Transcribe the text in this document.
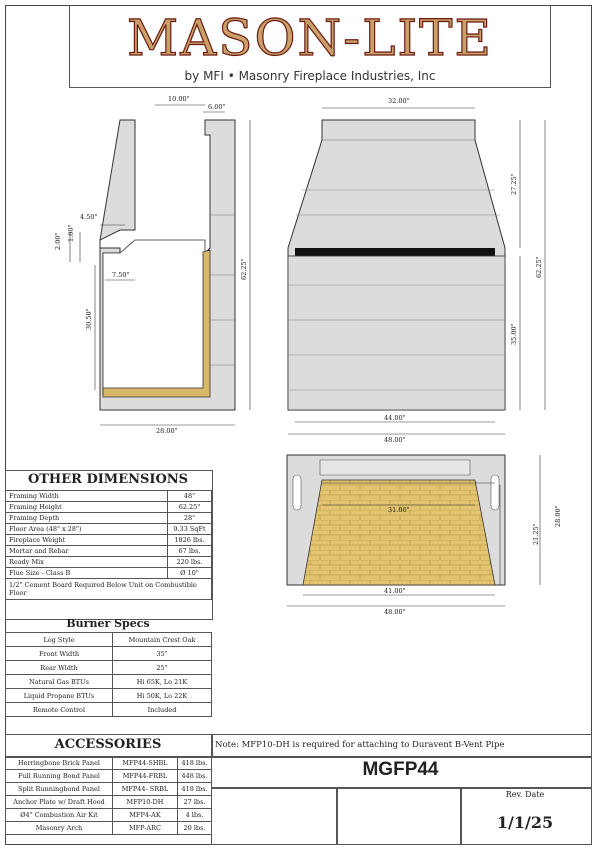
MASON-LITE
by MFI • Masonry Fireplace Industries, Inc
10.00"
6.00"
4.50"
2.00" 1.00"
7.50"
30.50"
62.25"
28.00"
32.00"
27.25"
62.25"
35.00"
44.00"
48.00"
31.00"
21.25"
28.00"
41.00"
48.00"
OTHER DIMENSIONS
Framing Width	48"
Framing Height	62.25"
Framing Depth	28"
Floor Area (48" x 28")	9.33 SqFt
Fireplace Weight	1826 lbs.
Mortar and Rebar	67 lbs.
Ready Mix	220 lbs.
Flue Size - Class B	Ø 10"
1/2" Cement Board Required Below Unit on Combustible Floor	
Burner Specs
Log Style	Mountain Crest Oak
Front Width	35"
Rear Width	25"
Natural Gas BTUs	Hi 65K, Lo 21K
Liquid Propane BTUs	Hi 50K, Lo 22K
Remote Control	Included
ACCESSORIES
Herringbone Brick Panel	MFP44-SHBL	418 lbs.
Full Running Bond Panel	MFP44-FRBL	448 lbs.
Split Runningbond Panel	MFP44- SRBL	418 lbs.
Anchor Plate w/ Draft Hood	MFP10-DH	27 lbs.
Ø4" Combustion Air Kit	MFP4-AK	4 lbs.
Masonry Arch	MFP-ARC	20 lbs.
Note: MFP10-DH is required for attaching to Duravent B-Vent Pipe
MGFP44
Rev. Date
1/1/25
